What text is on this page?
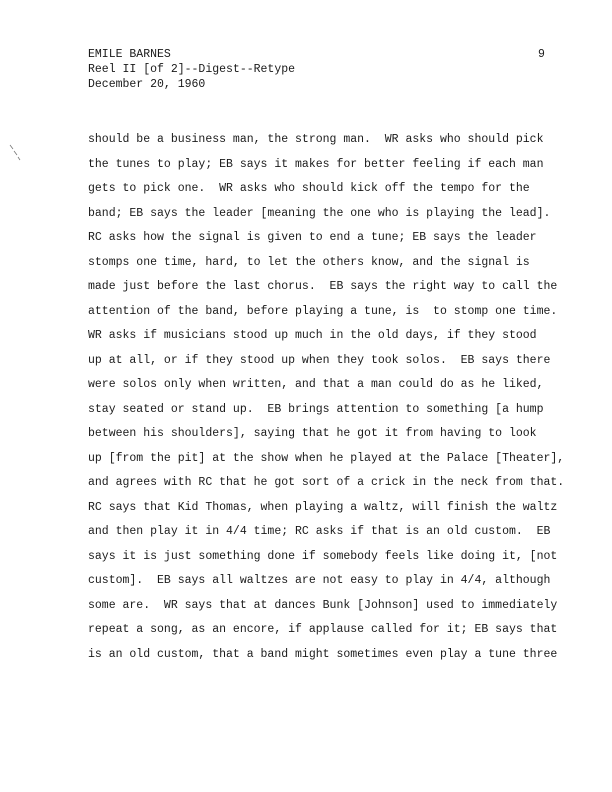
EMILE BARNES
Reel II [of 2]--Digest--Retype
December 20, 1960
9
should be a business man, the strong man.  WR asks who should pick
the tunes to play; EB says it makes for better feeling if each man
gets to pick one.  WR asks who should kick off the tempo for the
band; EB says the leader [meaning the one who is playing the lead].
RC asks how the signal is given to end a tune; EB says the leader
stomps one time, hard, to let the others know, and the signal is
made just before the last chorus.  EB says the right way to call the
attention of the band, before playing a tune, is  to stomp one time.
WR asks if musicians stood up much in the old days, if they stood
up at all, or if they stood up when they took solos.  EB says there
were solos only when written, and that a man could do as he liked,
stay seated or stand up.  EB brings attention to something [a hump
between his shoulders], saying that he got it from having to look
up [from the pit] at the show when he played at the Palace [Theater],
and agrees with RC that he got sort of a crick in the neck from that.
RC says that Kid Thomas, when playing a waltz, will finish the waltz
and then play it in 4/4 time; RC asks if that is an old custom.  EB
says it is just something done if somebody feels like doing it, [not
custom].  EB says all waltzes are not easy to play in 4/4, although
some are.  WR says that at dances Bunk [Johnson] used to immediately
repeat a song, as an encore, if applause called for it; EB says that
is an old custom, that a band might sometimes even play a tune three
